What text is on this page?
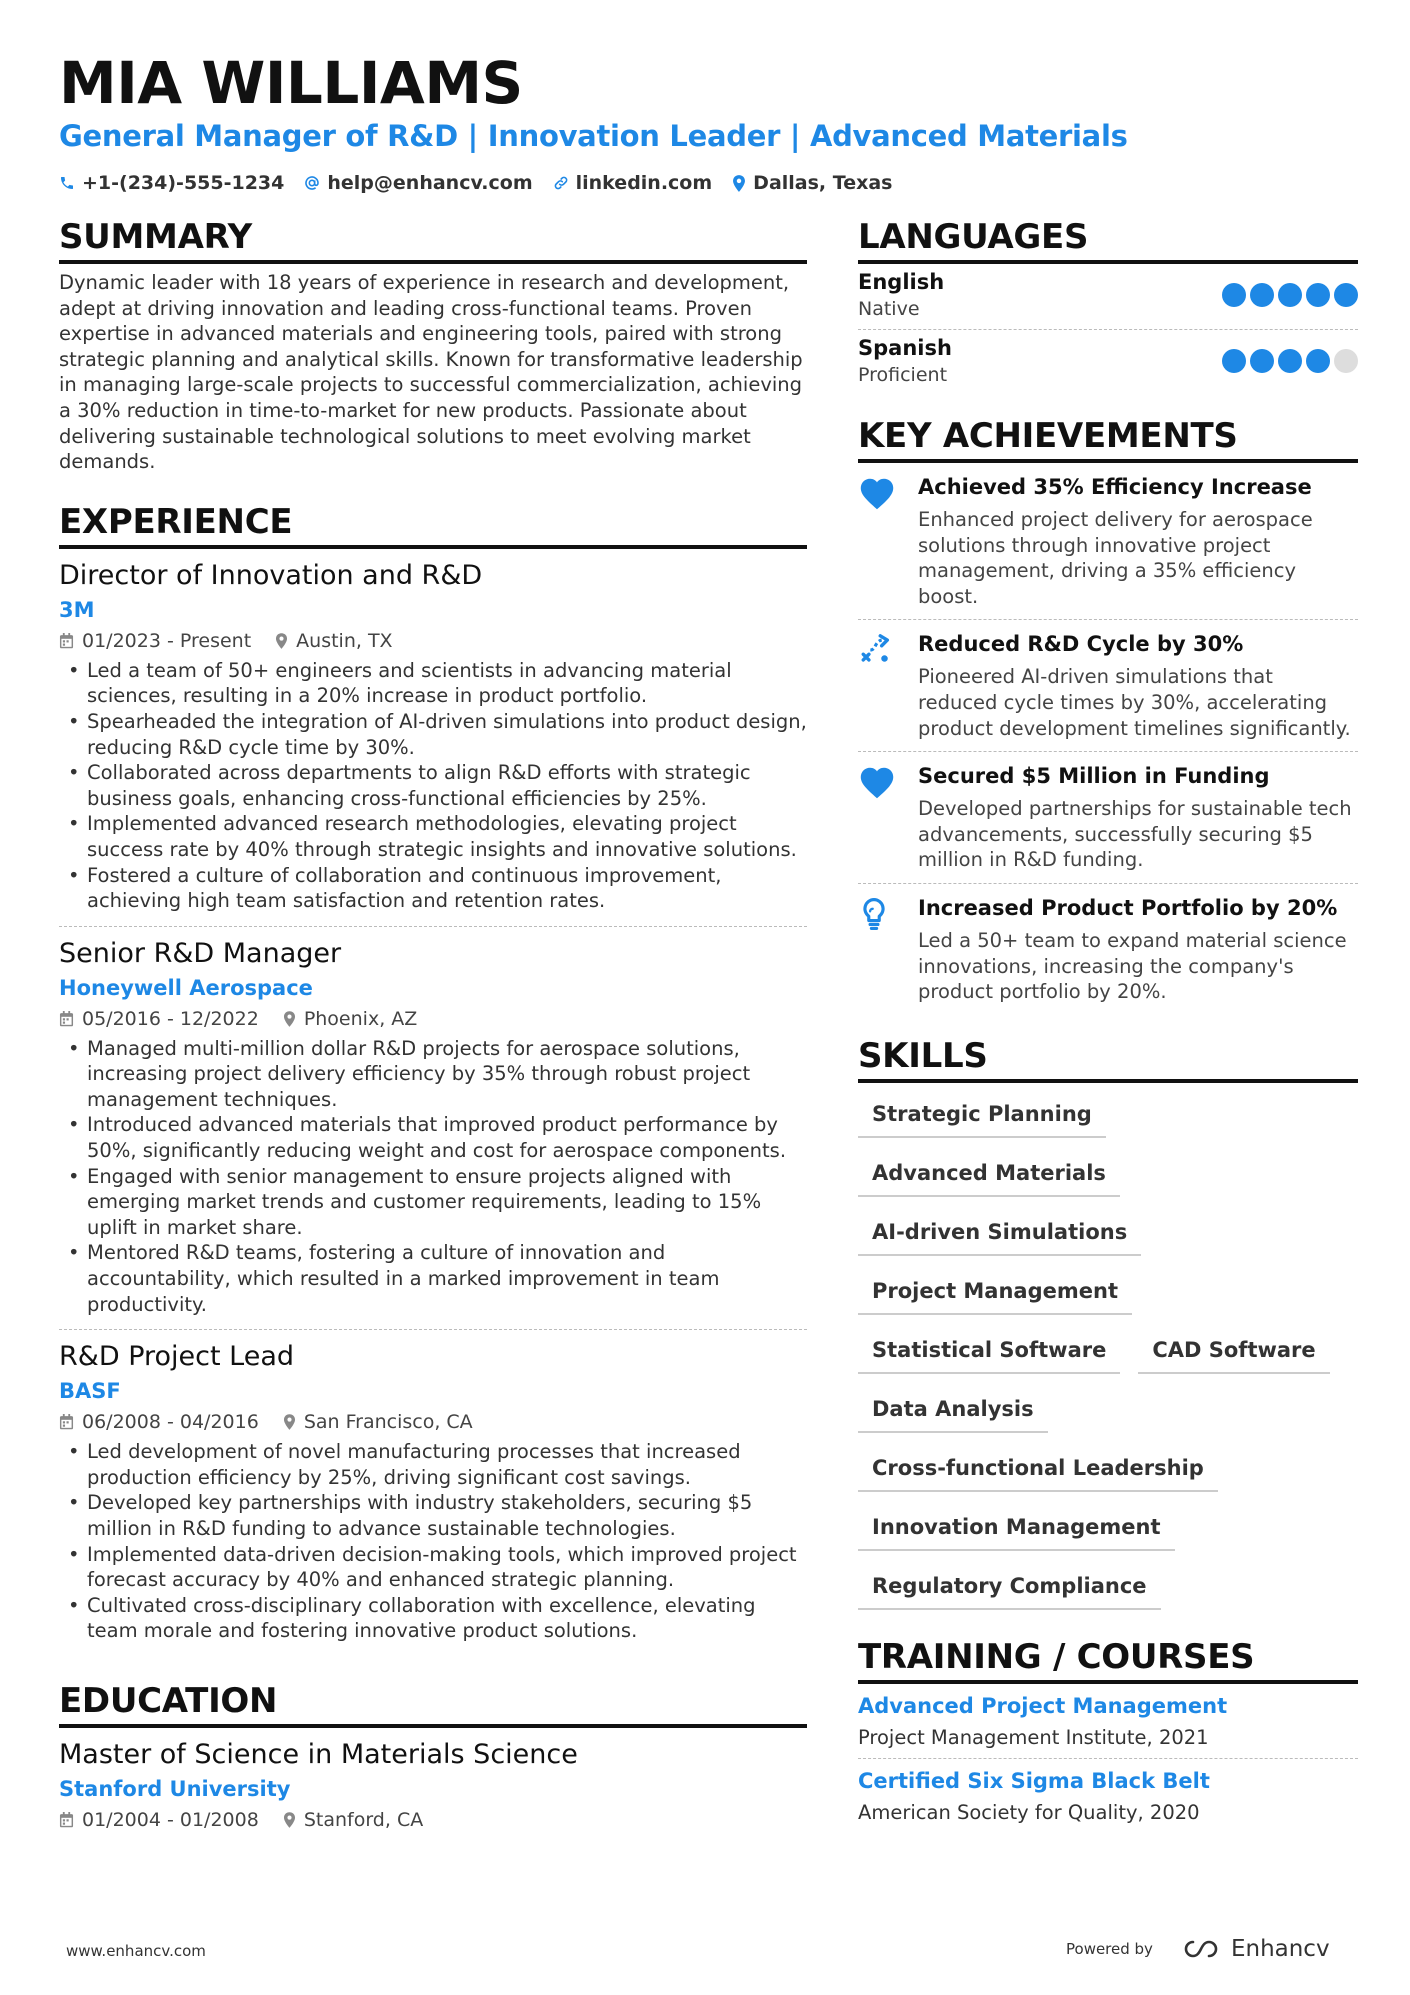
MIA WILLIAMS
General Manager of R&D | Innovation Leader | Advanced Materials
+1-(234)-555-1234 help@enhancv.com linkedin.com Dallas, Texas
SUMMARY

Dynamic leader with 18 years of experience in research and development, adept at driving innovation and leading cross-functional teams. Proven expertise in advanced materials and engineering tools, paired with strong strategic planning and analytical skills. Known for transformative leadership in managing large-scale projects to successful commercialization, achieving a 30% reduction in time-to-market for new products. Passionate about delivering sustainable technological solutions to meet evolving market demands.

EXPERIENCE
Director of Innovation and R&D
3M
01/2023 - Present Austin, TX
• Led a team of 50+ engineers and scientists in advancing material sciences, resulting in a 20% increase in product portfolio.
• Spearheaded the integration of AI-driven simulations into product design, reducing R&D cycle time by 30%.
• Collaborated across departments to align R&D efforts with strategic business goals, enhancing cross-functional efficiencies by 25%.
• Implemented advanced research methodologies, elevating project success rate by 40% through strategic insights and innovative solutions.
• Fostered a culture of collaboration and continuous improvement, achieving high team satisfaction and retention rates.
Senior R&D Manager
Honeywell Aerospace
05/2016 - 12/2022 Phoenix, AZ
• Managed multi-million dollar R&D projects for aerospace solutions, increasing project delivery efficiency by 35% through robust project management techniques.
• Introduced advanced materials that improved product performance by 50%, significantly reducing weight and cost for aerospace components.
• Engaged with senior management to ensure projects aligned with emerging market trends and customer requirements, leading to 15% uplift in market share.
• Mentored R&D teams, fostering a culture of innovation and accountability, which resulted in a marked improvement in team productivity.
R&D Project Lead
BASF
06/2008 - 04/2016 San Francisco, CA
• Led development of novel manufacturing processes that increased production efficiency by 25%, driving significant cost savings.
• Developed key partnerships with industry stakeholders, securing $5 million in R&D funding to advance sustainable technologies.
• Implemented data-driven decision-making tools, which improved project forecast accuracy by 40% and enhanced strategic planning.
• Cultivated cross-disciplinary collaboration with excellence, elevating team morale and fostering innovative product solutions.
EDUCATION
Master of Science in Materials Science
Stanford University
01/2004 - 01/2008 Stanford, CA
LANGUAGES
English
Native
Spanish
Proficient
KEY ACHIEVEMENTS
Achieved 35% Efficiency Increase
Enhanced project delivery for aerospace solutions through innovative project management, driving a 35% efficiency boost.
Reduced R&D Cycle by 30%
Pioneered AI-driven simulations that reduced cycle times by 30%, accelerating product development timelines significantly.
Secured $5 Million in Funding
Developed partnerships for sustainable tech advancements, successfully securing $5 million in R&D funding.
Increased Product Portfolio by 20%
Led a 50+ team to expand material science innovations, increasing the company's product portfolio by 20%.
SKILLS
Strategic Planning
Advanced Materials
AI-driven Simulations
Project Management
Statistical Software	CAD Software
Data Analysis
Cross-functional Leadership
Innovation Management
Regulatory Compliance
TRAINING / COURSES
Advanced Project Management
Project Management Institute, 2021
Certified Six Sigma Black Belt
American Society for Quality, 2020
www.enhancv.com	Powered by	Enhancv
